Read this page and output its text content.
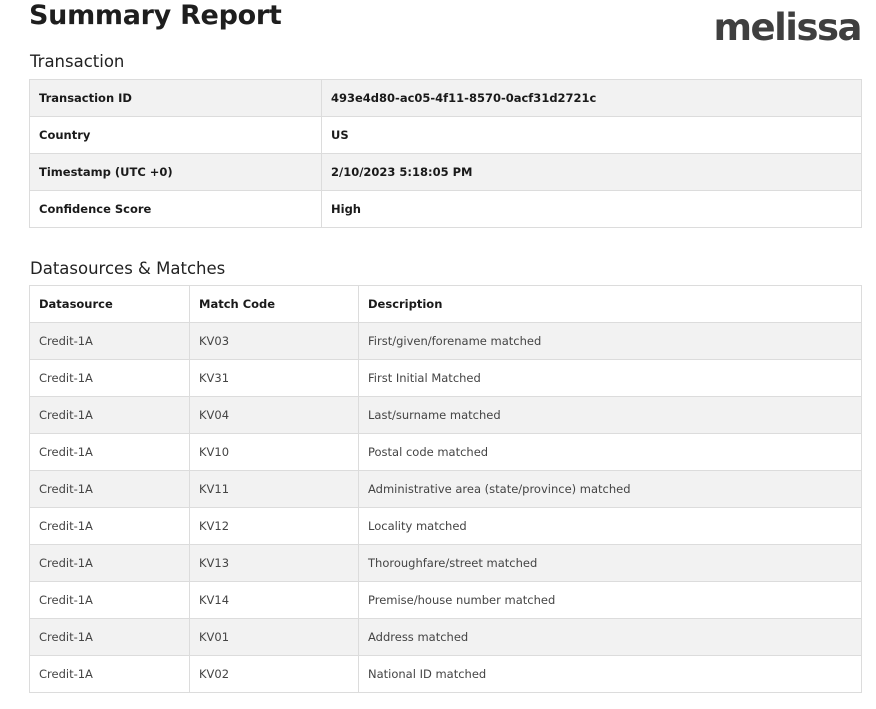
Summary Report	melissa
Transaction
Transaction ID	493e4d80-ac05-4f11-8570-0acf31d2721c
Country	US
Timestamp (UTC +0)	2/10/2023 5:18:05 PM
Confidence Score	High
Datasources & Matches
Datasource	Match Code	Description
Credit-1A	KV03	First/given/forename matched
Credit-1A	KV31	First Initial Matched
Credit-1A	KV04	Last/surname matched
Credit-1A	KV10	Postal code matched
Credit-1A	KV11	Administrative area (state/province) matched
Credit-1A	KV12	Locality matched
Credit-1A	KV13	Thoroughfare/street matched
Credit-1A	KV14	Premise/house number matched
Credit-1A	KV01	Address matched
Credit-1A	KV02	National ID matched
